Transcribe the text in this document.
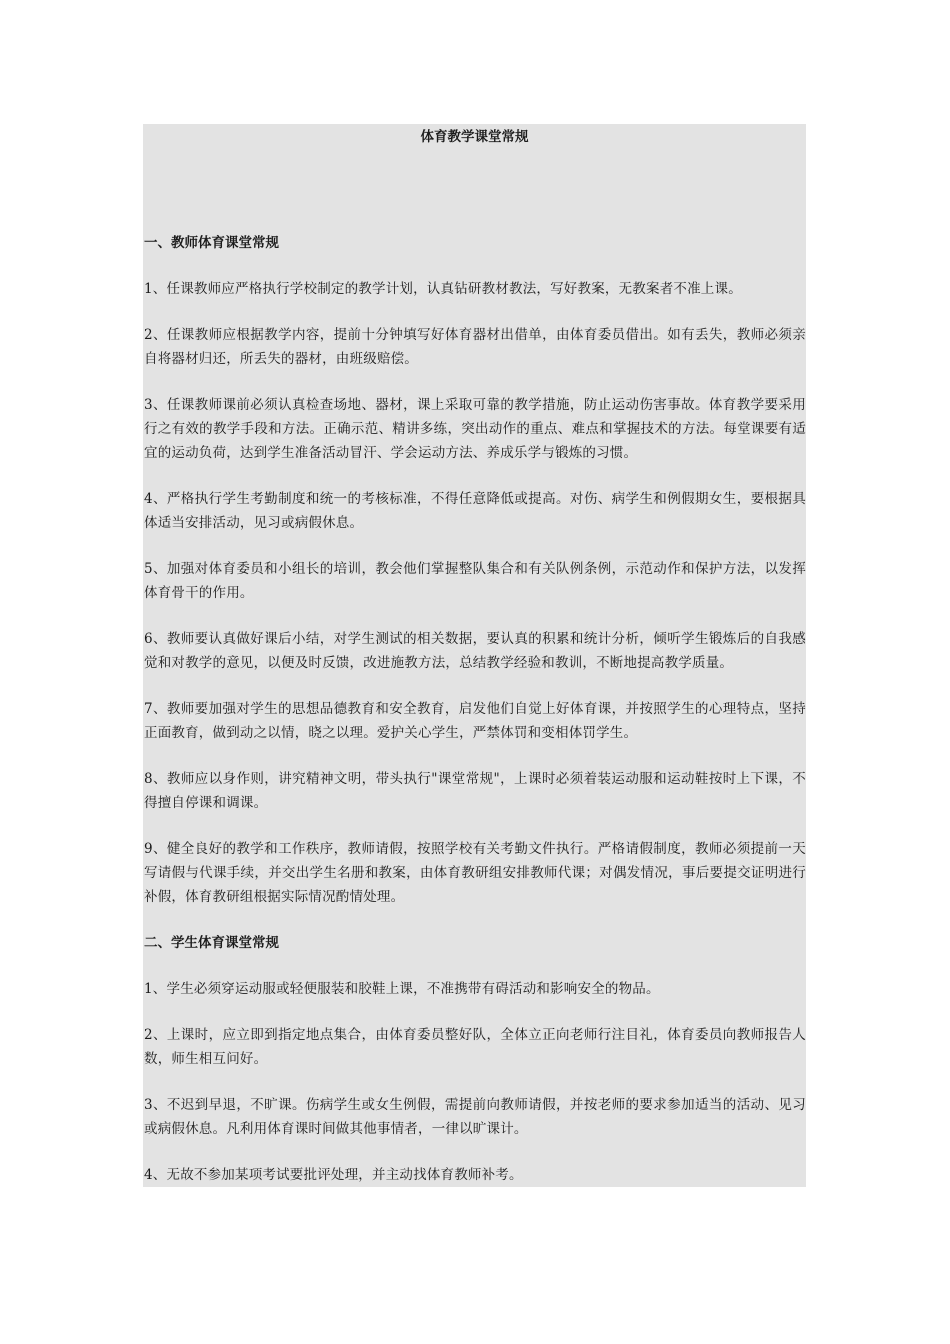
体育教学课堂常规
一、教师体育课堂常规

1、任课教师应严格执行学校制定的教学计划，认真钻研教材教法，写好教案，无教案者不准上课。

2、任课教师应根据教学内容，提前十分钟填写好体育器材出借单，由体育委员借出。如有丢失，教师必须亲自将器材归还，所丢失的器材，由班级赔偿。

3、任课教师课前必须认真检查场地、器材，课上采取可靠的教学措施，防止运动伤害事故。体育教学要采用行之有效的教学手段和方法。正确示范、精讲多练，突出动作的重点、难点和掌握技术的方法。每堂课要有适宜的运动负荷，达到学生准备活动冒汗、学会运动方法、养成乐学与锻炼的习惯。

4、严格执行学生考勤制度和统一的考核标准，不得任意降低或提高。对伤、病学生和例假期女生，要根据具体适当安排活动，见习或病假休息。

5、加强对体育委员和小组长的培训，教会他们掌握整队集合和有关队例条例，示范动作和保护方法，以发挥体育骨干的作用。

6、教师要认真做好课后小结，对学生测试的相关数据，要认真的积累和统计分析，倾听学生锻炼后的自我感觉和对教学的意见，以便及时反馈，改进施教方法，总结教学经验和教训，不断地提高教学质量。

7、教师要加强对学生的思想品德教育和安全教育，启发他们自觉上好体育课，并按照学生的心理特点，坚持正面教育，做到动之以情，晓之以理。爱护关心学生，严禁体罚和变相体罚学生。

8、教师应以身作则，讲究精神文明，带头执行"课堂常规"，上课时必须着装运动服和运动鞋按时上下课，不得擅自停课和调课。

9、健全良好的教学和工作秩序，教师请假，按照学校有关考勤文件执行。严格请假制度，教师必须提前一天写请假与代课手续，并交出学生名册和教案，由体育教研组安排教师代课；对偶发情况，事后要提交证明进行补假，体育教研组根据实际情况酌情处理。

二、学生体育课堂常规

1、学生必须穿运动服或轻便服装和胶鞋上课，不准携带有碍活动和影响安全的物品。

2、上课时，应立即到指定地点集合，由体育委员整好队，全体立正向老师行注目礼，体育委员向教师报告人数，师生相互问好。

3、不迟到早退，不旷课。伤病学生或女生例假，需提前向教师请假，并按老师的要求参加适当的活动、见习或病假休息。凡利用体育课时间做其他事情者，一律以旷课计。

4、无故不参加某项考试要批评处理，并主动找体育教师补考。
